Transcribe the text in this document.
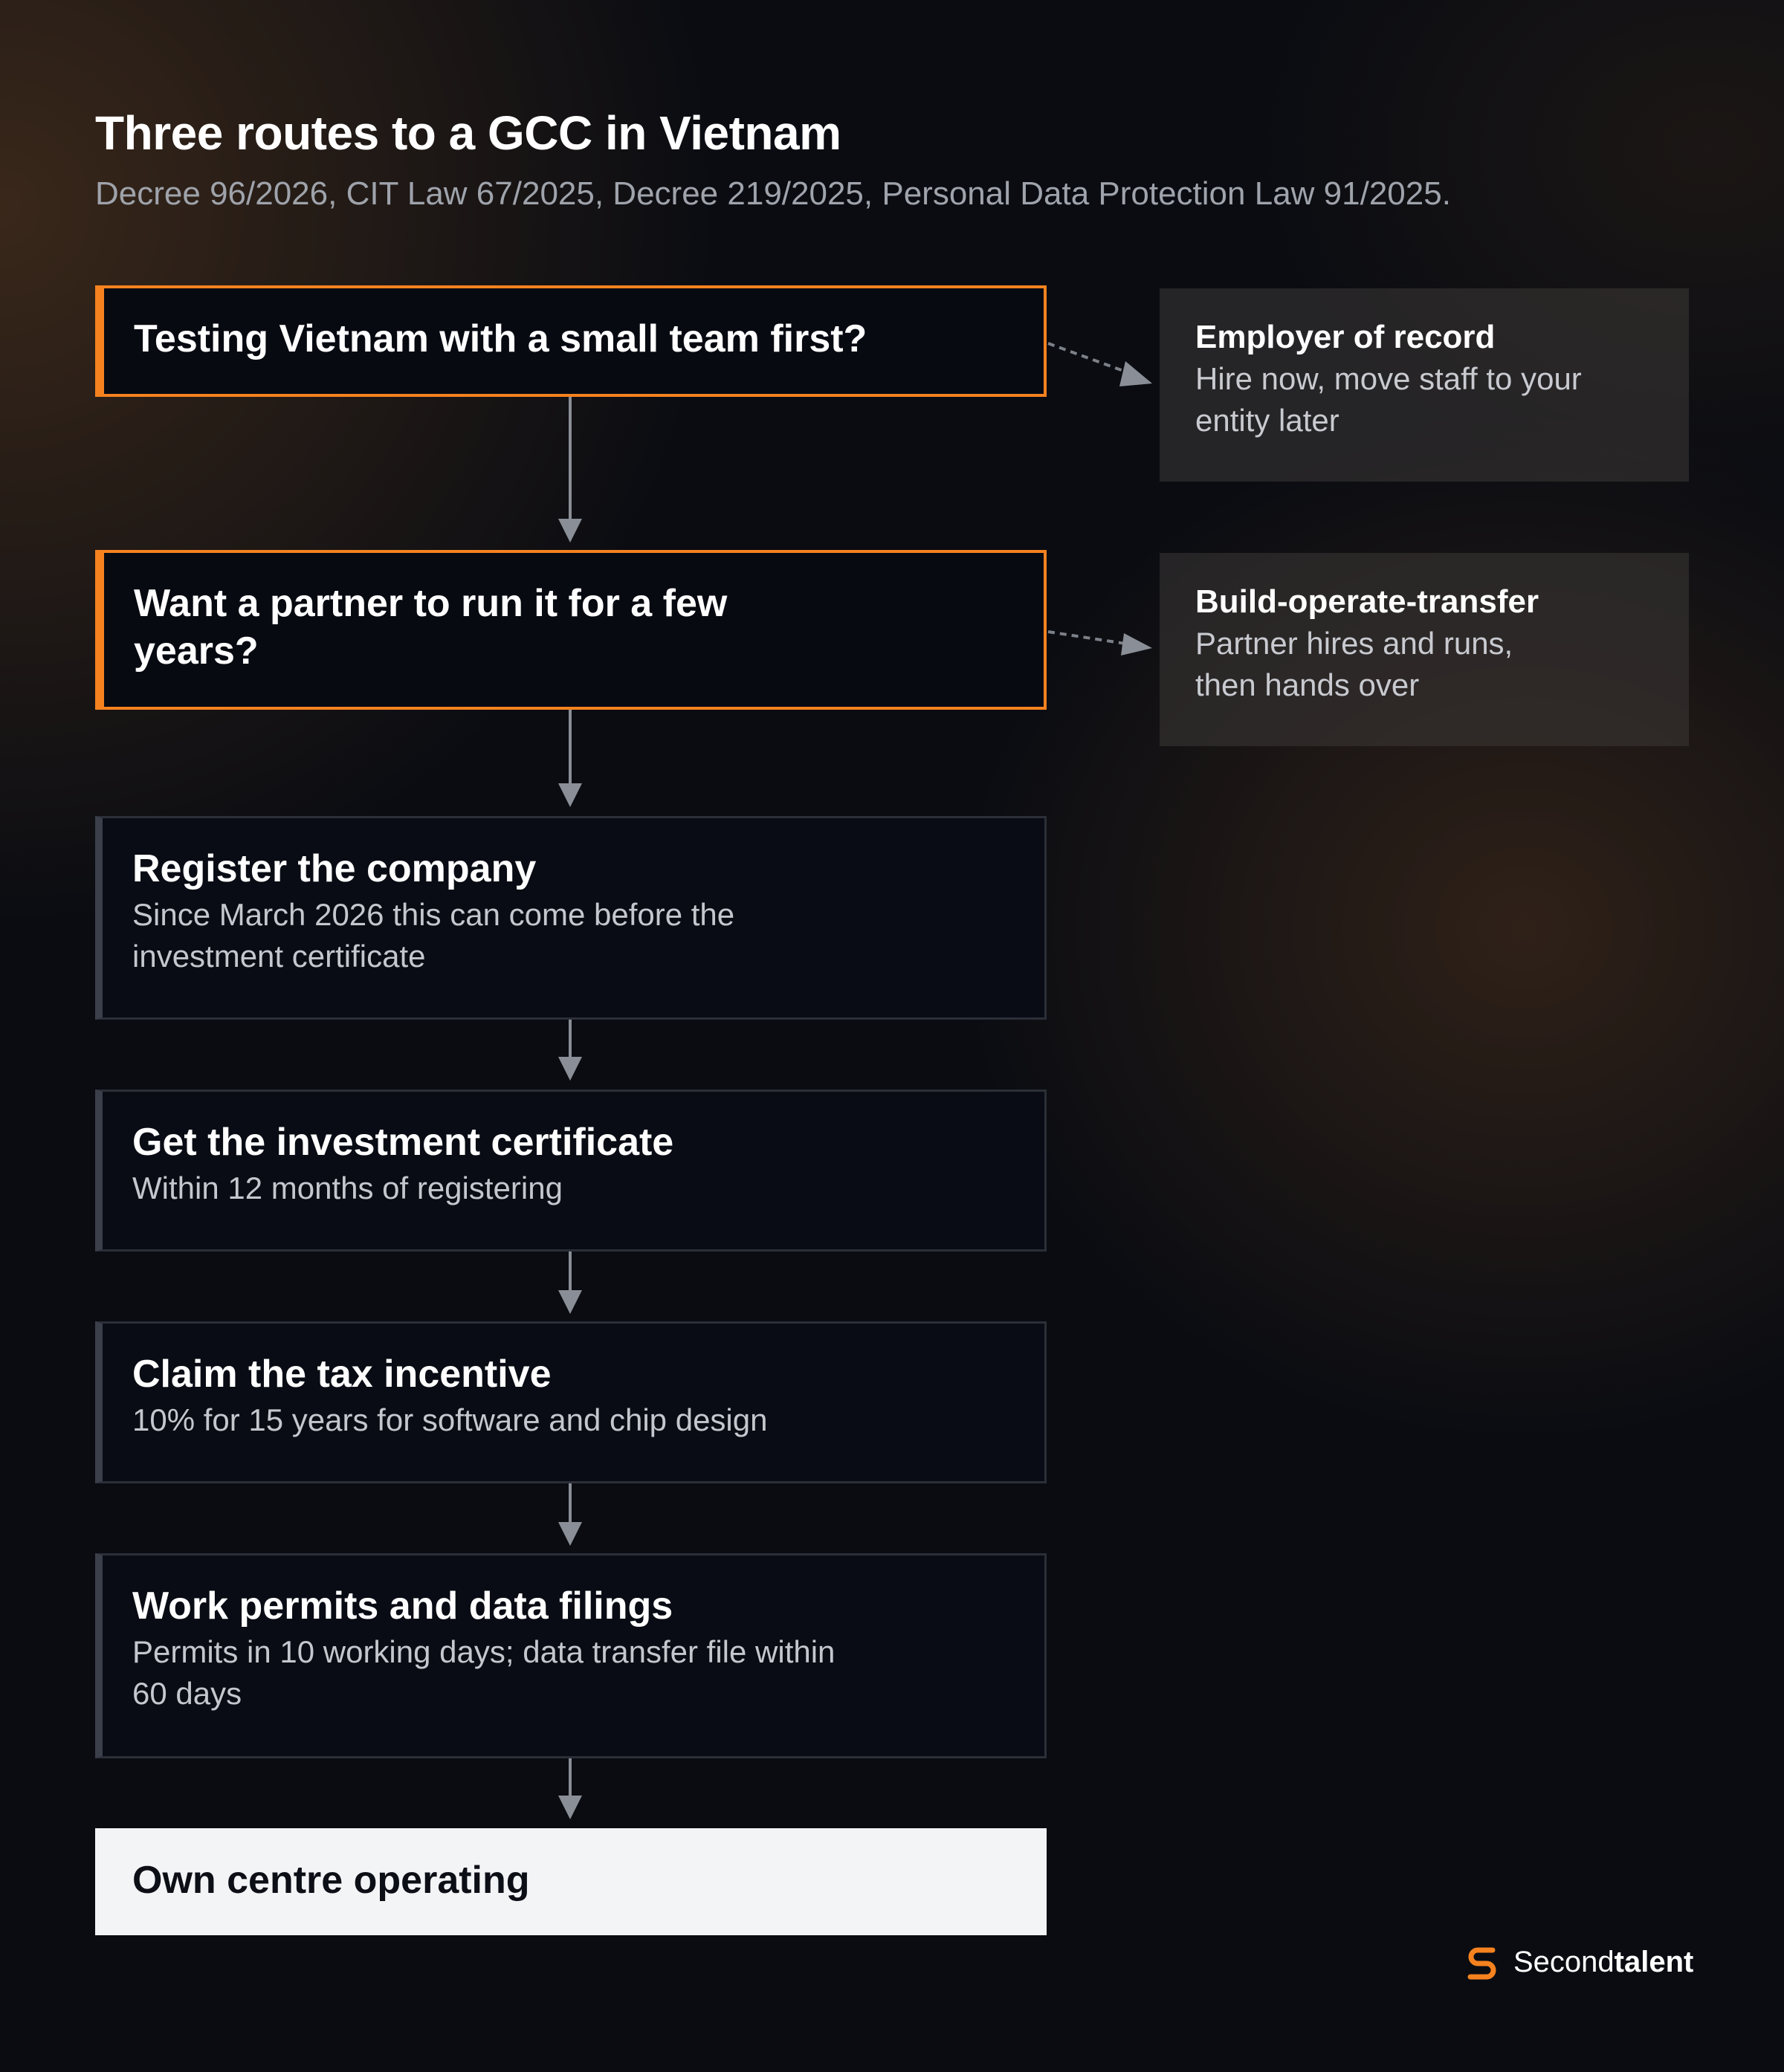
Three routes to a GCC in Vietnam

Decree 96/2026, CIT Law 67/2025, Decree 219/2025, Personal Data Protection Law 91/2025.

Testing Vietnam with a small team first?
Want a partner to run it for a few years?
Register the company
Since March 2026 this can come before the investment certificate
Get the investment certificate
Within 12 months of registering
Claim the tax incentive
10% for 15 years for software and chip design
Work permits and data filings
Permits in 10 working days; data transfer file within 60 days
Own centre operating
Employer of record
Hire now, move staff to your entity later
Build-operate-transfer
Partner hires and runs, then hands over
Secondtalent
